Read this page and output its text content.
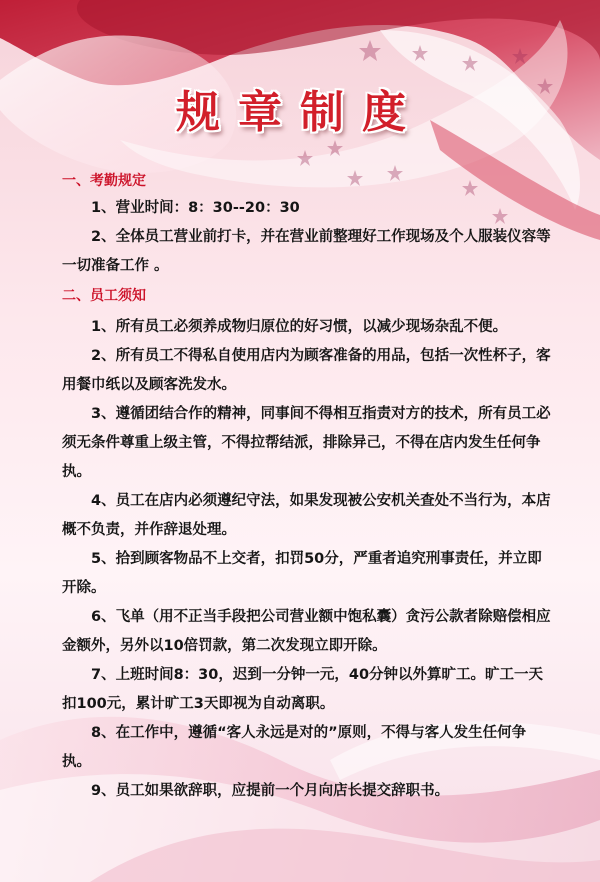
规章制度

一、考勤规定

1、营业时间：8：30--20：30

2、全体员工营业前打卡，并在营业前整理好工作现场及个人服装仪容等一切准备工作 。

二、员工须知

1、所有员工必须养成物归原位的好习惯，以减少现场杂乱不便。

2、所有员工不得私自使用店内为顾客准备的用品，包括一次性杯子，客用餐巾纸以及顾客洗发水。

3、遵循团结合作的精神，同事间不得相互指责对方的技术，所有员工必须无条件尊重上级主管，不得拉帮结派，排除异己，不得在店内发生任何争执。

4、员工在店内必须遵纪守法，如果发现被公安机关查处不当行为，本店概不负责，并作辞退处理。

5、拾到顾客物品不上交者，扣罚50分，严重者追究刑事责任，并立即开除。

6、飞单（用不正当手段把公司营业额中饱私囊）贪污公款者除赔偿相应金额外，另外以10倍罚款，第二次发现立即开除。

7、上班时间8：30，迟到一分钟一元，40分钟以外算旷工。旷工一天扣100元，累计旷工3天即视为自动离职。

8、在工作中，遵循“客人永远是对的”原则，不得与客人发生任何争执。

9、员工如果欲辞职，应提前一个月向店长提交辞职书。
